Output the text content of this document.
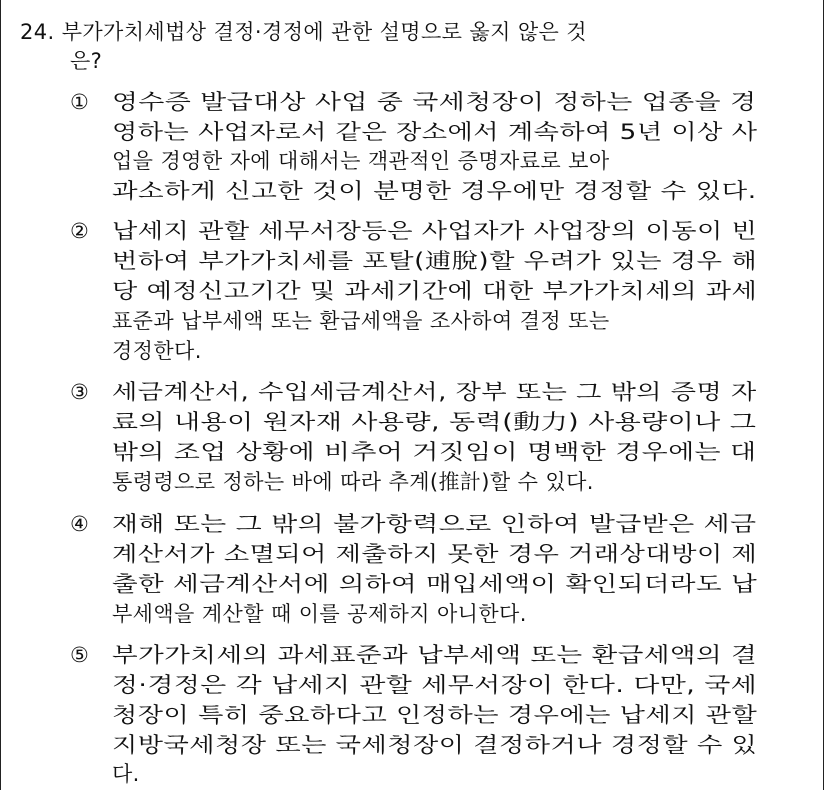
24. 부가가치세법상 결정·경정에 관한 설명으로 옳지 않은 것
은?
①	영수증 발급대상 사업 중 국세청장이 정하는 업종을 경
영하는 사업자로서 같은 장소에서 계속하여 5년 이상 사
업을 경영한 자에 대해서는 객관적인 증명자료로 보아
과소하게 신고한 것이 분명한 경우에만 경정할 수 있다.
②	납세지 관할 세무서장등은 사업자가 사업장의 이동이 빈
번하여 부가가치세를 포탈(逋脫)할 우려가 있는 경우 해
당 예정신고기간 및 과세기간에 대한 부가가치세의 과세
표준과 납부세액 또는 환급세액을 조사하여 결정 또는
경정한다.
③	세금계산서, 수입세금계산서, 장부 또는 그 밖의 증명 자
료의 내용이 원자재 사용량, 동력(動力) 사용량이나 그
밖의 조업 상황에 비추어 거짓임이 명백한 경우에는 대
통령령으로 정하는 바에 따라 추계(推計)할 수 있다.
④	재해 또는 그 밖의 불가항력으로 인하여 발급받은 세금
계산서가 소멸되어 제출하지 못한 경우 거래상대방이 제
출한 세금계산서에 의하여 매입세액이 확인되더라도 납
부세액을 계산할 때 이를 공제하지 아니한다.
⑤	부가가치세의 과세표준과 납부세액 또는 환급세액의 결
정·경정은 각 납세지 관할 세무서장이 한다. 다만, 국세
청장이 특히 중요하다고 인정하는 경우에는 납세지 관할
지방국세청장 또는 국세청장이 결정하거나 경정할 수 있
다.
